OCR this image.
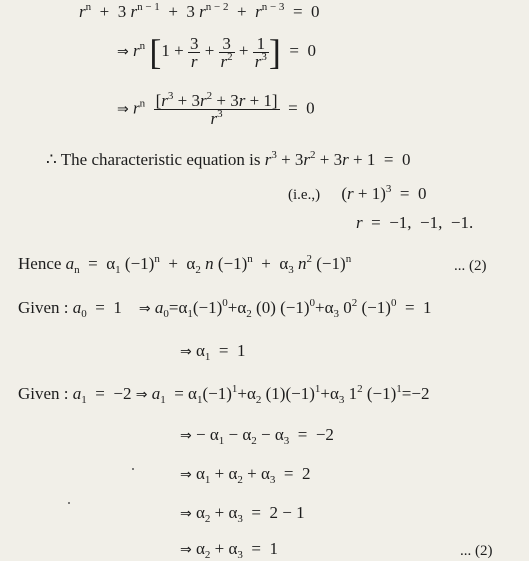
$r^n + 3$ $r^{n - 1} + 3$ $r^{n - 2} + r^{n - 3} = 0$
⇒ $r^n$ [$1 + \frac{3}{r} + \frac{3}{r^2} + \frac{1}{r^3}$ ]  =  0
⇒ $r^n \frac{[r^3 + 3r^2 + 3r + 1]}{r^3} = 0$
∴ The characteristic equation is $r^3 + 3r^2 + 3r + 1 = 0$
(i.e.,)     $(r + 1)^3 = 0$
r  =  −1,  −1,  −1.
Hence $a_n = \alpha_1$ $(-1)^n + \alpha_2$ n $(-1)^n + \alpha_3$ $n^2$ $(-1)^n$	... (2)
Given : $a_0 = 1$    ⇒ $a_0=\alpha_1(-1)^0+\alpha_2$ (0) $(-1)^0+\alpha_3$ $0^2$ $(-1)^0 = 1$
⇒ $\alpha_1 = 1$
Given : $a_1 = -2$ ⇒ $a_1 = \alpha_1(-1)^1+\alpha_2$ $(1)(-1)^1+\alpha_3$ $1^2$ $(-1)^1=-2$
⇒ − $\alpha_1 - \alpha_2 - \alpha_3 = -2$
⇒ $\alpha_1 + \alpha_2 + \alpha_3 = 2$
⇒ $\alpha_2 + \alpha_3 = 2 - 1$
⇒ $\alpha_2 + \alpha_3 = 1$	... (2)
